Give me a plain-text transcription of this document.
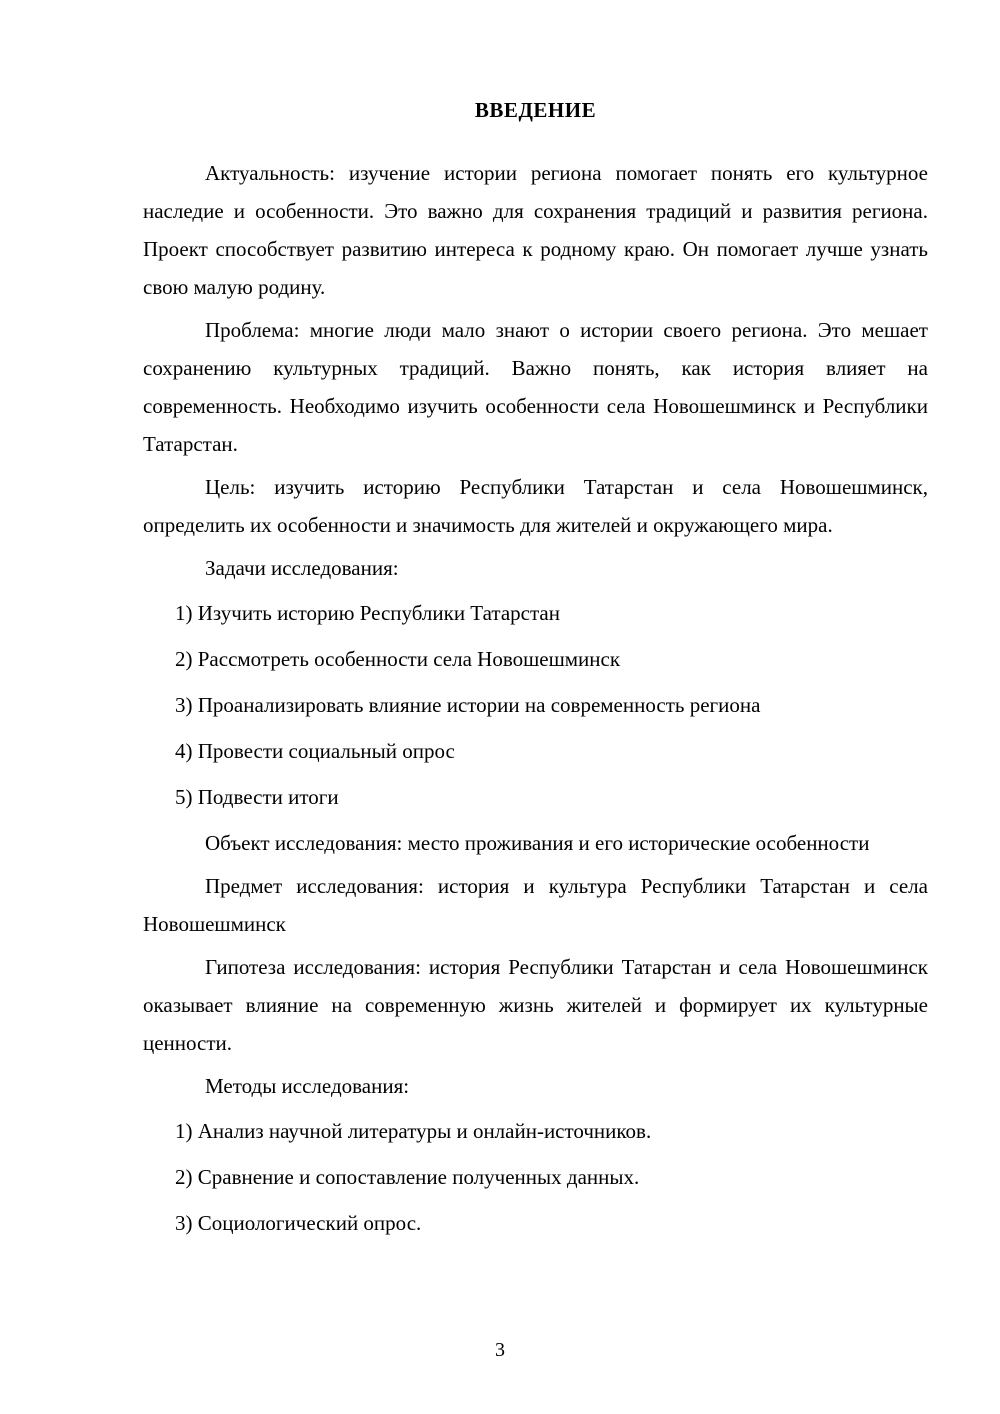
ВВЕДЕНИЕ

Актуальность: изучение истории региона помогает понять его культурное наследие и особенности. Это важно для сохранения традиций и развития региона. Проект способствует развитию интереса к родному краю. Он помогает лучше узнать свою малую родину.

Проблема: многие люди мало знают о истории своего региона. Это мешает сохранению культурных традиций. Важно понять, как история влияет на современность. Необходимо изучить особенности села Новошешминск и Республики Татарстан.

Цель: изучить историю Республики Татарстан и села Новошешминск, определить их особенности и значимость для жителей и окружающего мира.

Задачи исследования:

1) Изучить историю Республики Татарстан

2) Рассмотреть особенности села Новошешминск

3) Проанализировать влияние истории на современность региона

4) Провести социальный опрос

5) Подвести итоги

Объект исследования: место проживания и его исторические особенности

Предмет исследования: история и культура Республики Татарстан и села Новошешминск

Гипотеза исследования: история Республики Татарстан и села Новошешминск оказывает влияние на современную жизнь жителей и формирует их культурные ценности.

Методы исследования:

1) Анализ научной литературы и онлайн-источников.

2) Сравнение и сопоставление полученных данных.

3) Социологический опрос.

3
